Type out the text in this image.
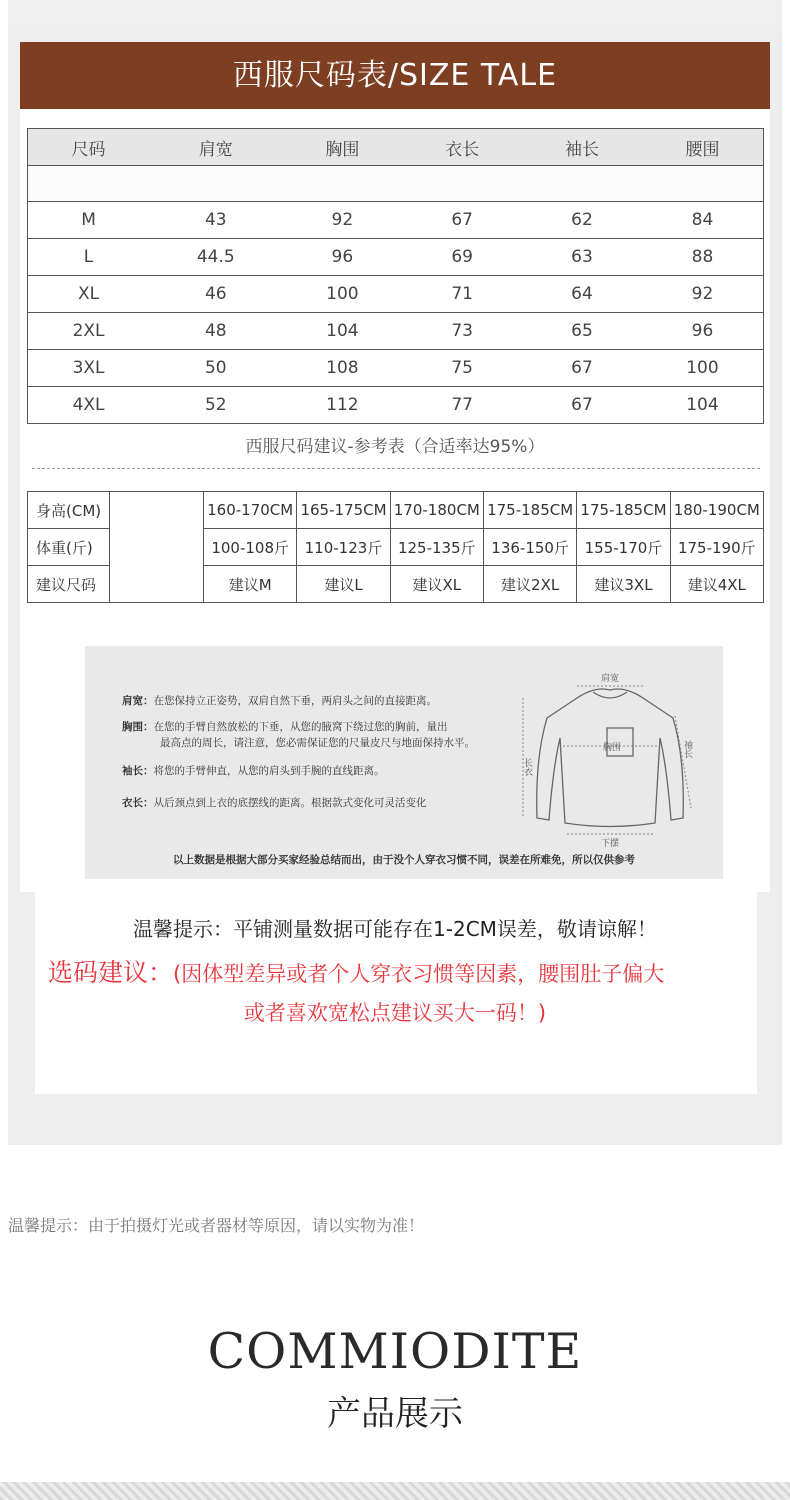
西服尺码表/SIZE TALE
尺码	肩宽	胸围	衣长	袖长	腰围

M	43	92	67	62	84
L	44.5	96	69	63	88
XL	46	100	71	64	92
2XL	48	104	73	65	96
3XL	50	108	75	67	100
4XL	52	112	77	67	104
西服尺码建议-参考表（合适率达95%）
身高(CM)		160-170CM	165-175CM	170-180CM	175-185CM	175-185CM	180-190CM
体重(斤)		100-108斤	110-123斤	125-135斤	136-150斤	155-170斤	175-190斤
建议尺码		建议M	建议L	建议XL	建议2XL	建议3XL	建议4XL
肩宽：在您保持立正姿势，双肩自然下垂，两肩头之间的直接距离。
胸围：在您的手臂自然放松的下垂，从您的腋窝下绕过您的胸前，量出
最高点的周长，请注意，您必需保证您的尺量皮尺与地面保持水平。
袖长：将您的手臂伸直，从您的肩头到手腕的直线距离。
衣长：从后颈点到上衣的底摆线的距离。根据款式变化可灵活变化
以上数据是根据大部分买家经验总结而出，由于没个人穿衣习惯不同，误差在所难免，所以仅供参考
肩宽
胸围
下摆
长衣
袖长
温馨提示：平铺测量数据可能存在1-2CM误差，敬请谅解！
选码建议：(因体型差异或者个人穿衣习惯等因素，腰围肚子偏大
或者喜欢宽松点建议买大一码！)
温馨提示：由于拍摄灯光或者器材等原因，请以实物为准！
COMMIODITE
产品展示
